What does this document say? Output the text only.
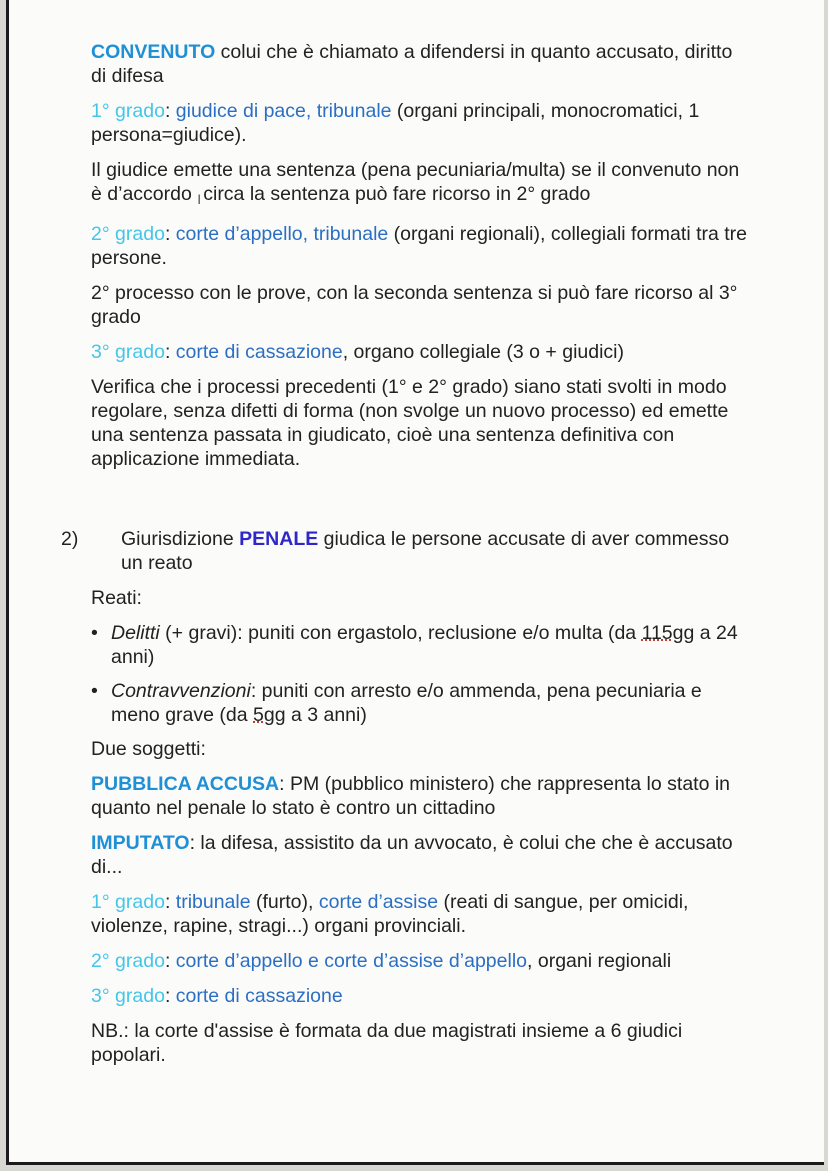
CONVENUTO colui che è chiamato a difendersi in quanto accusato, diritto di difesa

1° grado: giudice di pace, tribunale (organi principali, monocromatici, 1 persona=giudice).

Il giudice emette una sentenza (pena pecuniaria/multa) se il convenuto non è d’accordo I circa la sentenza può fare ricorso in 2° grado

2° grado: corte d’appello, tribunale (organi regionali), collegiali formati tra tre persone.

2° processo con le prove, con la seconda sentenza si può fare ricorso al 3° grado

3° grado: corte di cassazione, organo collegiale (3 o + giudici)

Verifica che i processi precedenti (1° e 2° grado) siano stati svolti in modo regolare, senza difetti di forma (non svolge un nuovo processo) ed emette una sentenza passata in giudicato, cioè una sentenza definitiva con applicazione immediata.

2) Giurisdizione PENALE giudica le persone accusate di aver commesso un reato

Reati:

• Delitti (+ gravi): puniti con ergastolo, reclusione e/o multa (da 115gg a 24 anni)
• Contravvenzioni: puniti con arresto e/o ammenda, pena pecuniaria e meno grave (da 5gg a 3 anni)

Due soggetti:

PUBBLICA ACCUSA: PM (pubblico ministero) che rappresenta lo stato in quanto nel penale lo stato è contro un cittadino

IMPUTATO: la difesa, assistito da un avvocato, è colui che che è accusato di...

1° grado: tribunale (furto), corte d’assise (reati di sangue, per omicidi, violenze, rapine, stragi...) organi provinciali.

2° grado: corte d’appello e corte d’assise d’appello, organi regionali

3° grado: corte di cassazione

NB.: la corte d'assise è formata da due magistrati insieme a 6 giudici popolari.
